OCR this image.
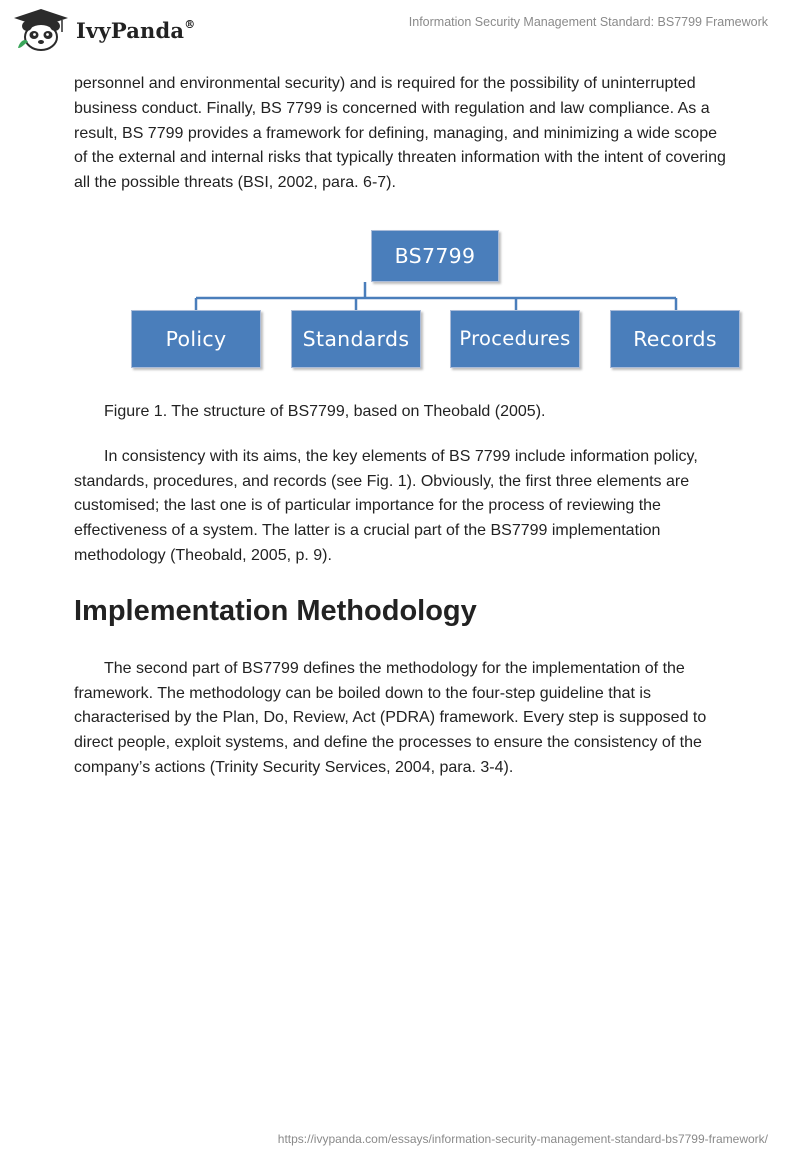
IvyPanda®	Information Security Management Standard: BS7799 Framework

personnel and environmental security) and is required for the possibility of uninterrupted business conduct. Finally, BS 7799 is concerned with regulation and law compliance. As a result, BS 7799 provides a framework for defining, managing, and minimizing a wide scope of the external and internal risks that typically threaten information with the intent of covering all the possible threats (BSI, 2002, para. 6-7).

BS7799
Policy	Standards	Procedures	Records

Figure 1. The structure of BS7799, based on Theobald (2005).

In consistency with its aims, the key elements of BS 7799 include information policy, standards, procedures, and records (see Fig. 1). Obviously, the first three elements are customised; the last one is of particular importance for the process of reviewing the effectiveness of a system. The latter is a crucial part of the BS7799 implementation methodology (Theobald, 2005, p. 9).

Implementation Methodology

The second part of BS7799 defines the methodology for the implementation of the framework. The methodology can be boiled down to the four-step guideline that is characterised by the Plan, Do, Review, Act (PDRA) framework. Every step is supposed to direct people, exploit systems, and define the processes to ensure the consistency of the company’s actions (Trinity Security Services, 2004, para. 3-4).

https://ivypanda.com/essays/information-security-management-standard-bs7799-framework/
